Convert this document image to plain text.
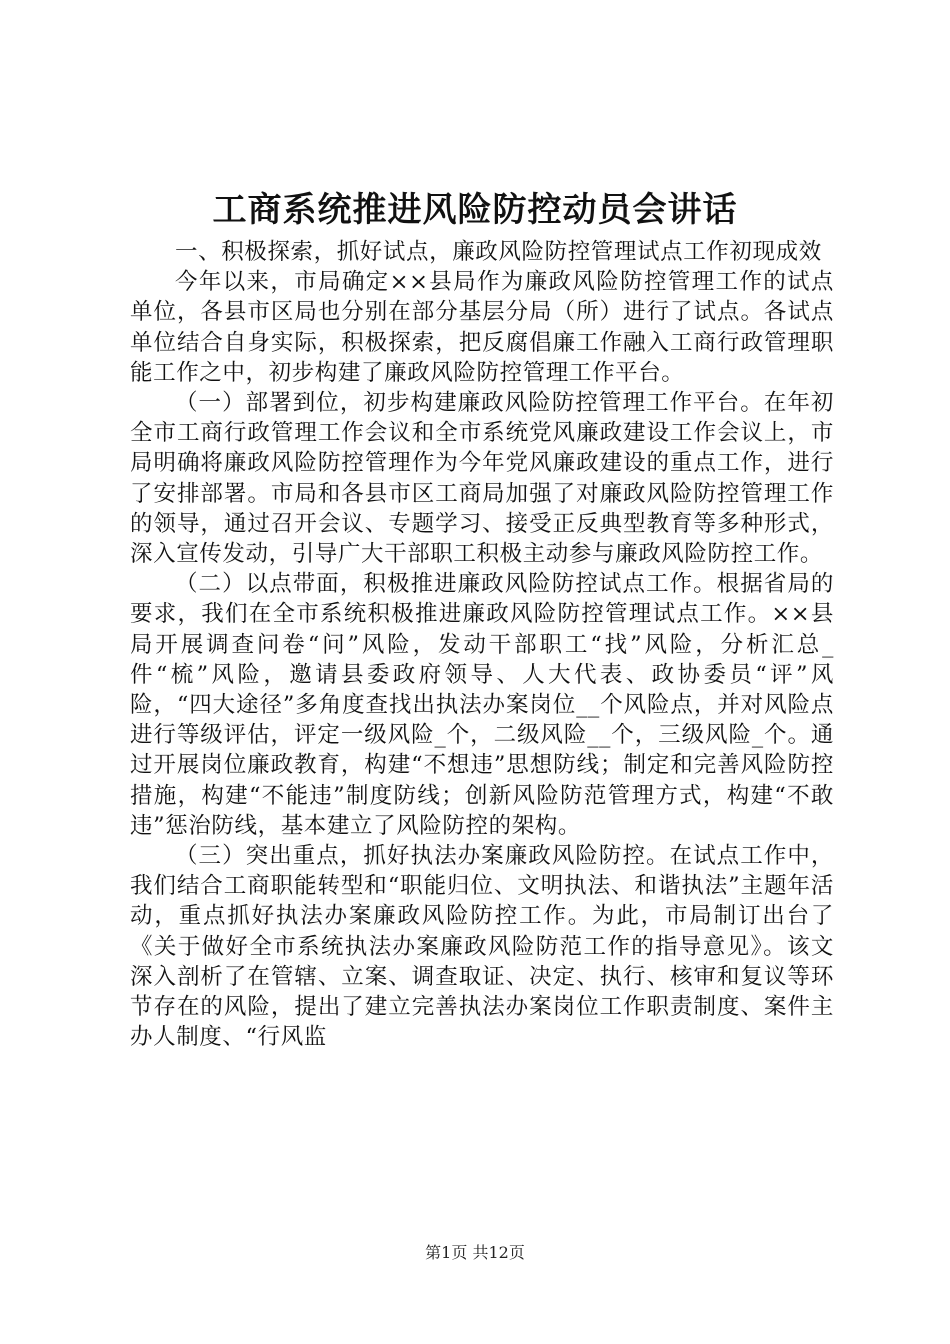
工商系统推进风险防控动员会讲话

一、积极探索，抓好试点，廉政风险防控管理试点工作初现成效

今年以来，市局确定××县局作为廉政风险防控管理工作的试点单位，各县市区局也分别在部分基层分局（所）进行了试点。各试点单位结合自身实际，积极探索，把反腐倡廉工作融入工商行政管理职能工作之中，初步构建了廉政风险防控管理工作平台。

（一）部署到位，初步构建廉政风险防控管理工作平台。在年初全市工商行政管理工作会议和全市系统党风廉政建设工作会议上，市局明确将廉政风险防控管理作为今年党风廉政建设的重点工作，进行了安排部署。市局和各县市区工商局加强了对廉政风险防控管理工作的领导，通过召开会议、专题学习、接受正反典型教育等多种形式，深入宣传发动，引导广大干部职工积极主动参与廉政风险防控工作。

（二）以点带面，积极推进廉政风险防控试点工作。根据省局的要求，我们在全市系统积极推进廉政风险防控管理试点工作。××县局开展调查问卷“问”风险，发动干部职工“找”风险，分析汇总_件“梳”风险，邀请县委政府领导、人大代表、政协委员“评”风险，“四大途径”多角度查找出执法办案岗位__个风险点，并对风险点进行等级评估，评定一级风险_个，二级风险__个，三级风险_个。通过开展岗位廉政教育，构建“不想违”思想防线；制定和完善风险防控措施，构建“不能违”制度防线；创新风险防范管理方式，构建“不敢违”惩治防线，基本建立了风险防控的架构。

（三）突出重点，抓好执法办案廉政风险防控。在试点工作中，我们结合工商职能转型和“职能归位、文明执法、和谐执法”主题年活动，重点抓好执法办案廉政风险防控工作。为此，市局制订出台了《关于做好全市系统执法办案廉政风险防范工作的指导意见》。该文深入剖析了在管辖、立案、调查取证、决定、执行、核审和复议等环节存在的风险，提出了建立完善执法办案岗位工作职责制度、案件主办人制度、“行风监

第1页 共12页
